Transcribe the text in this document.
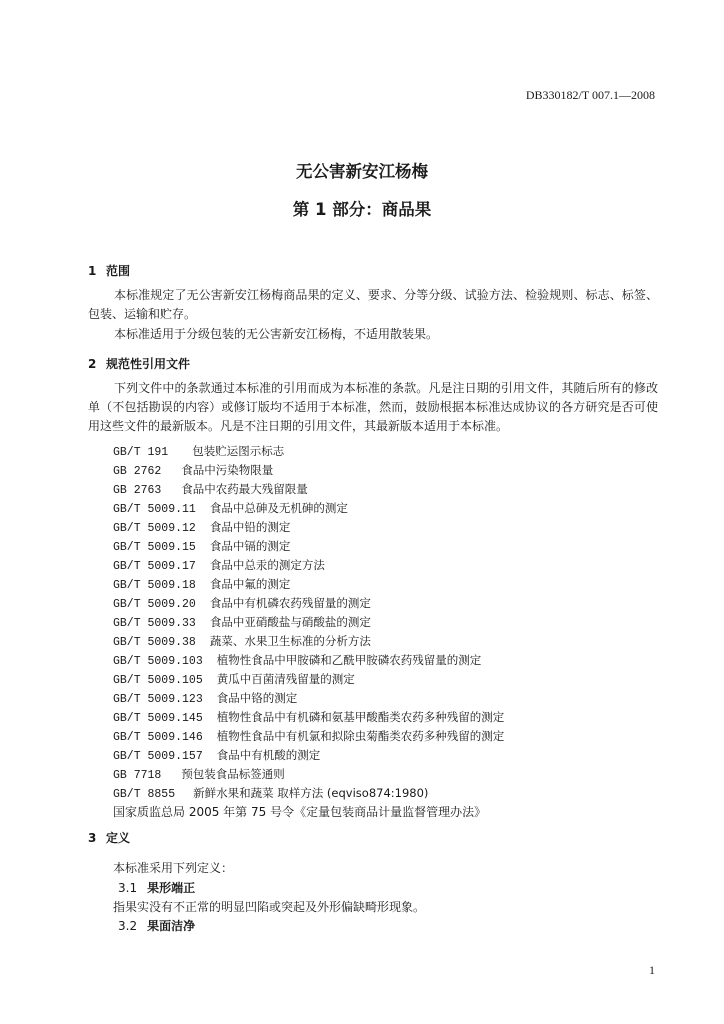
DB330182/T 007.1—2008
无公害新安江杨梅
第 1 部分：商品果
1 范围

本标准规定了无公害新安江杨梅商品果的定义、要求、分等分级、试验方法、检验规则、标志、标签、包装、运输和贮存。

本标准适用于分级包装的无公害新安江杨梅，不适用散装果。

2 规范性引用文件

下列文件中的条款通过本标准的引用而成为本标准的条款。凡是注日期的引用文件，其随后所有的修改单（不包括勘误的内容）或修订版均不适用于本标准，然而，鼓励根据本标准达成协议的各方研究是否可使用这些文件的最新版本。凡是不注日期的引用文件，其最新版本适用于本标准。

GB/T 191 包装贮运图示标志
GB 2762 食品中污染物限量
GB 2763 食品中农药最大残留限量
GB/T 5009.11 食品中总砷及无机砷的测定
GB/T 5009.12 食品中铅的测定
GB/T 5009.15 食品中镉的测定
GB/T 5009.17 食品中总汞的测定方法
GB/T 5009.18 食品中氟的测定
GB/T 5009.20 食品中有机磷农药残留量的测定
GB/T 5009.33 食品中亚硝酸盐与硝酸盐的测定
GB/T 5009.38 蔬菜、水果卫生标准的分析方法
GB/T 5009.103 植物性食品中甲胺磷和乙酰甲胺磷农药残留量的测定
GB/T 5009.105 黄瓜中百菌清残留量的测定
GB/T 5009.123 食品中铬的测定
GB/T 5009.145 植物性食品中有机磷和氨基甲酸酯类农药多种残留的测定
GB/T 5009.146 植物性食品中有机氯和拟除虫菊酯类农药多种残留的测定
GB/T 5009.157 食品中有机酸的测定
GB 7718 预包装食品标签通则
GB/T 8855 新鲜水果和蔬菜 取样方法 (eqviso874:1980)
国家质监总局 2005 年第 75 号令《定量包装商品计量监督管理办法》
3 定义
本标准采用下列定义：
3.1 果形端正
指果实没有不正常的明显凹陷或突起及外形偏缺畸形现象。
3.2 果面洁净
1
